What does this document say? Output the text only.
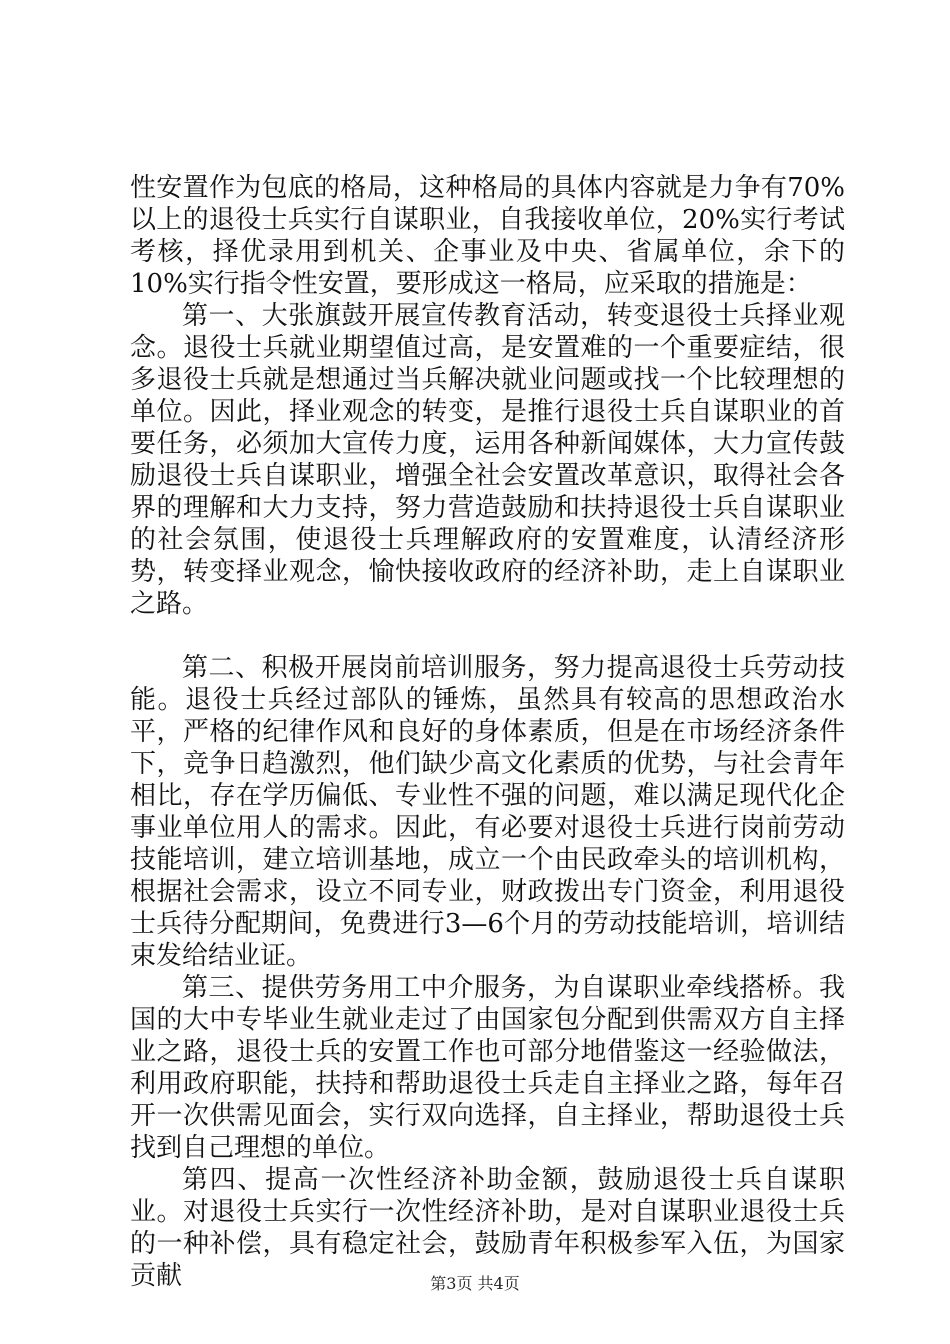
性安置作为包底的格局，这种格局的具体内容就是力争有70%以上的退役士兵实行自谋职业，自我接收单位，20%实行考试考核，择优录用到机关、企事业及中央、省属单位，余下的10%实行指令性安置，要形成这一格局，应采取的措施是：

第一、大张旗鼓开展宣传教育活动，转变退役士兵择业观念。退役士兵就业期望值过高，是安置难的一个重要症结，很多退役士兵就是想通过当兵解决就业问题或找一个比较理想的单位。因此，择业观念的转变，是推行退役士兵自谋职业的首要任务，必须加大宣传力度，运用各种新闻媒体，大力宣传鼓励退役士兵自谋职业，增强全社会安置改革意识，取得社会各界的理解和大力支持，努力营造鼓励和扶持退役士兵自谋职业的社会氛围，使退役士兵理解政府的安置难度，认清经济形势，转变择业观念，愉快接收政府的经济补助，走上自谋职业之路。

第二、积极开展岗前培训服务，努力提高退役士兵劳动技能。退役士兵经过部队的锤炼，虽然具有较高的思想政治水平，严格的纪律作风和良好的身体素质，但是在市场经济条件下，竞争日趋激烈，他们缺少高文化素质的优势，与社会青年相比，存在学历偏低、专业性不强的问题，难以满足现代化企事业单位用人的需求。因此，有必要对退役士兵进行岗前劳动技能培训，建立培训基地，成立一个由民政牵头的培训机构，根据社会需求，设立不同专业，财政拨出专门资金，利用退役士兵待分配期间，免费进行3—6个月的劳动技能培训，培训结束发给结业证。

第三、提供劳务用工中介服务，为自谋职业牵线搭桥。我国的大中专毕业生就业走过了由国家包分配到供需双方自主择业之路，退役士兵的安置工作也可部分地借鉴这一经验做法，利用政府职能，扶持和帮助退役士兵走自主择业之路，每年召开一次供需见面会，实行双向选择，自主择业，帮助退役士兵找到自己理想的单位。

第四、提高一次性经济补助金额，鼓励退役士兵自谋职业。对退役士兵实行一次性经济补助，是对自谋职业退役士兵的一种补偿，具有稳定社会，鼓励青年积极参军入伍，为国家贡献	第3页 共4页
